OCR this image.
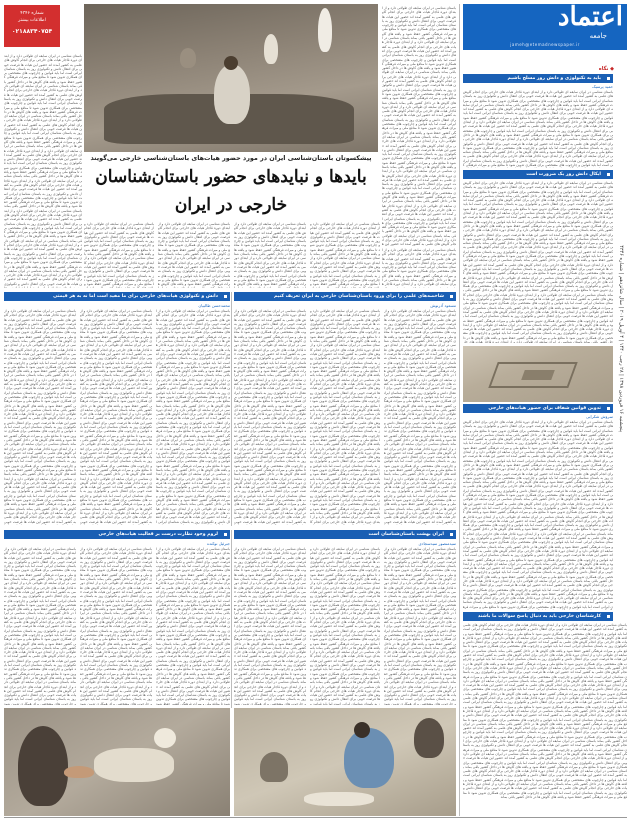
اعتماد
جامعه
jameh@etemadnewspaper.ir
پنجشنبه ۱۶ فروردین ۱۳۹۸ | ۲۸ رجب ۱۴۴۰ | ۴ آوریل ۲۰۱۹ | سال شانزدهم | شماره ۴۳۴۶
◆ نگاه
باید به تکنولوژی و دانش روز مسلح باشیم
حمید پرسیک
باستان شناسی در ایران سابقه ای طولانی دارد و از ابتدای دوره قاجار هیات های خارجی برای انجام کاوش های علمی به کشور آمده اند حضور این هیات ها فرصت خوبی برای انتقال دانش و تکنولوژی روز به باستان شناسان ایرانی است اما باید قوانین و چارچوب های مشخصی برای همکاری تدوین شود تا منافع ملی و میراث فرهنگی کشور حفظ شود و یافته های کاوش ها در داخل کشور باقی بماند باستان شناسی در ایران سابقه ای طولانی دارد و از ابتدای دوره قاجار هیات های خارجی برای انجام کاوش های علمی به کشور آمده اند حضور این هیات ها فرصت خوبی برای انتقال دانش و تکنولوژی روز به باستان شناسان ایرانی است اما باید قوانین و چارچوب های مشخصی برای همکاری تدوین شود تا منافع ملی و میراث فرهنگی کشور حفظ شود و یافته های کاوش ها در داخل کشور باقی بماند باستان شناسی در ایران سابقه ای طولانی دارد و از ابتدای دوره قاجار هیات های خارجی برای انجام کاوش های علمی به کشور آمده اند حضور این هیات ها فرصت خوبی برای انتقال دانش و تکنولوژی روز به باستان شناسان ایرانی است اما باید قوانین و چارچوب های مشخصی برای همکاری تدوین شود تا منافع ملی و میراث فرهنگی کشور حفظ شود و یافته های کاوش ها در داخل کشور باقی بماند باستان شناسی در ایران سابقه ای طولانی دارد و از ابتدای دوره قاجار هیات های خارجی برای انجام کاوش های علمی به کشور آمده اند حضور این هیات ها فرصت خوبی برای انتقال دانش و تکنولوژی روز به باستان شناسان ایرانی است اما باید قوانین و چارچوب های مشخصی برای همکاری تدوین شود تا منافع ملی و میراث فرهنگی کشور حفظ شود و یافته های کاوش ها در داخل کشور باقی بماند باستان شناسی در ایران سابقه ای طولانی دارد و از ابتدای دوره قاجار هیات های خارجی برای انجام کاوش های علمی به کشور آمده اند حضور این هیات ها فرصت خوبی برای انتقال دانش و تکنولوژی روز به باستان شناسان ایرانی است اما باید قوانین و چارچوب های مشخصی برای همکاری تدوین شود تا منافع ملی و میراث فرهنگی ک
ایکال دانش روز یک ضرورت است
باستان شناسی در ایران سابقه ای طولانی دارد و از ابتدای دوره قاجار هیات های خارجی برای انجام کاوش های علمی به کشور آمده اند حضور این هیات ها فرصت خوبی برای انتقال دانش و تکنولوژی روز به باستان شناسان ایرانی است اما باید قوانین و چارچوب های مشخصی برای همکاری تدوین شود تا منافع ملی و میراث فرهنگی کشور حفظ شود و یافته های کاوش ها در داخل کشور باقی بماند باستان شناسی در ایران سابقه ای طولانی دارد و از ابتدای دوره قاجار هیات های خارجی برای انجام کاوش های علمی به کشور آمده اند حضور این هیات ها فرصت خوبی برای انتقال دانش و تکنولوژی روز به باستان شناسان ایرانی است اما باید قوانین و چارچوب های مشخصی برای همکاری تدوین شود تا منافع ملی و میراث فرهنگی کشور حفظ شود و یافته های کاوش ها در داخل کشور باقی بماند باستان شناسی در ایران سابقه ای طولانی دارد و از ابتدای دوره قاجار هیات های خارجی برای انجام کاوش های علمی به کشور آمده اند حضور این هیات ها فرصت خوبی برای انتقال دانش و تکنولوژی روز به باستان شناسان ایرانی است اما باید قوانین و چارچوب های مشخصی برای همکاری تدوین شود تا منافع ملی و میراث فرهنگی کشور حفظ شود و یافته های کاوش ها در داخل کشور باقی بماند باستان شناسی در ایران سابقه ای طولانی دارد و از ابتدای دوره قاجار هیات های خارجی برای انجام کاوش های علمی به کشور آمده اند حضور این هیات ها فرصت خوبی برای انتقال دانش و تکنولوژی روز به باستان شناسان ایرانی است اما باید قوانین و چارچوب های مشخصی برای همکاری تدوین شود تا منافع ملی و میراث فرهنگی کشور حفظ شود و یافته های کاوش ها در داخل کشور باقی بماند باستان شناسی در ایران سابقه ای طولانی دارد و از ابتدای دوره قاجار هیات های خارجی برای انجام کاوش های علمی به کشور آمده اند حضور این هیات ها فرصت خوبی برای انتقال دانش و تکنولوژی روز به باستان شناسان ایرانی است اما باید قوانین و چارچوب های مشخصی برای همکاری تدوین شود تا منافع ملی و میراث فرهنگی کشور حفظ شود و یافته های کاوش ها در داخل کشور باقی بماند باستان شناسی در ایران سابقه ای طولانی دارد و از ابتدای دوره قاجار هیات های خارجی برای انجام کاوش های علمی به کشور آمده اند حضور این هیات ها فرصت خوبی برای انتقال دانش و تکنولوژی روز به باستان شناسان ایرانی است اما باید قوانین و چارچوب های مشخصی برای همکاری تدوین شود تا منافع ملی و میراث فرهنگی کشور حفظ شود و یافته های کاوش ها در داخل کشور باقی بماند باستان شناسی در ایران سابقه ای طولانی دارد و از ابتدای دوره قاجار هیات های خارجی برای انجام کاوش های علمی به کشور آمده اند حضور این هیات ها فرصت خوبی برای انتقال دانش و تکنولوژی روز به باستان شناسان ایرانی است اما باید قوانین و چارچوب های مشخصی برای همکاری تدوین شود تا منافع ملی و میراث فرهنگی کشور حفظ شود و یافته های کاوش ها در داخل کشور باقی بماند باستان شناسی در ایران سابقه ای طولانی دارد و از ابتدای دوره قاجار هیات های خارجی برای انجام کاوش های علمی به کشور آمده اند حضور این هیات ها فرصت خوبی برای انتقال دانش و تکنولوژی روز به باستان شناسان ایرانی است اما باید قوانین و چارچوب های مشخصی برای همکاری تدوین شود تا منافع ملی و میراث فرهنگی کشور حفظ شود و یافته های کاوش ها در داخل کشور باقی بماند باستان شناسی در ایران سابقه ای طولانی دارد و از ابتدای دوره قاجار هیات های خارجی برای انجام کاوش های علمی به کشور آمده اند حضور این هیات ها فرصت خوبی برای انتقال دانش و تکنولوژی روز به باستان شناسان ایرانی است اما باید قوانین و چارچوب های مشخصی برای همکاری تدوین شود تا منافع ملی و میراث فرهنگی کشور حفظ شود و یافته های کاوش ها در داخل کشور باقی بماند باستان شناسی در ایران سابقه ای طولانی دارد و از ابتدای دوره قاجار هیات های خارجی برای انجام کاوش های علمی به کشور آمده اند حضور این هیات ها فرصت خوبی برای انتقال دانش و تکنولوژی روز به باستان شناسان ایرانی است اما باید قوانین و چارچوب های مشخصی برای همکاری تدوین شود تا منافع ملی و میراث فرهنگی کشور حفظ شود و یافته های کاوش ها در داخل کشور باقی بماند باستان شناسی در ایران سابقه ای طولانی دارد و از ابتدای دوره قاجار هیات های خار
تدوین قوانین شفاف برای حضور هیات‌های خارجی
سروش شکرایی
باستان شناسی در ایران سابقه ای طولانی دارد و از ابتدای دوره قاجار هیات های خارجی برای انجام کاوش های علمی به کشور آمده اند حضور این هیات ها فرصت خوبی برای انتقال دانش و تکنولوژی روز به باستان شناسان ایرانی است اما باید قوانین و چارچوب های مشخصی برای همکاری تدوین شود تا منافع ملی و میراث فرهنگی کشور حفظ شود و یافته های کاوش ها در داخل کشور باقی بماند باستان شناسی در ایران سابقه ای طولانی دارد و از ابتدای دوره قاجار هیات های خارجی برای انجام کاوش های علمی به کشور آمده اند حضور این هیات ها فرصت خوبی برای انتقال دانش و تکنولوژی روز به باستان شناسان ایرانی است اما باید قوانین و چارچوب های مشخصی برای همکاری تدوین شود تا منافع ملی و میراث فرهنگی کشور حفظ شود و یافته های کاوش ها در داخل کشور باقی بماند باستان شناسی در ایران سابقه ای طولانی دارد و از ابتدای دوره قاجار هیات های خارجی برای انجام کاوش های علمی به کشور آمده اند حضور این هیات ها فرصت خوبی برای انتقال دانش و تکنولوژی روز به باستان شناسان ایرانی است اما باید قوانین و چارچوب های مشخصی برای همکاری تدوین شود تا منافع ملی و میراث فرهنگی کشور حفظ شود و یافته های کاوش ها در داخل کشور باقی بماند باستان شناسی در ایران سابقه ای طولانی دارد و از ابتدای دوره قاجار هیات های خارجی برای انجام کاوش های علمی به کشور آمده اند حضور این هیات ها فرصت خوبی برای انتقال دانش و تکنولوژی روز به باستان شناسان ایرانی است اما باید قوانین و چارچوب های مشخصی برای همکاری تدوین شود تا منافع ملی و میراث فرهنگی کشور حفظ شود و یافته های کاوش ها در داخل کشور باقی بماند باستان شناسی در ایران سابقه ای طولانی دارد و از ابتدای دوره قاجار هیات های خارجی برای انجام کاوش های علمی به کشور آمده اند حضور این هیات ها فرصت خوبی برای انتقال دانش و تکنولوژی روز به باستان شناسان ایرانی است اما باید قوانین و چارچوب های مشخصی برای همکاری تدوین شود تا منافع ملی و میراث فرهنگی کشور حفظ شود و یافته های کاوش ها در داخل کشور باقی بماند باستان شناسی در ایران سابقه ای طولانی دارد و از ابتدای دوره قاجار هیات های خارجی برای انجام کاوش های علمی به کشور آمده اند حضور این هیات ها فرصت خوبی برای انتقال دانش و تکنولوژی روز به باستان شناسان ایرانی است اما باید قوانین و چارچوب های مشخصی برای همکاری تدوین شود تا منافع ملی و میراث فرهنگی کشور حفظ شود و یافته های کاوش ها در داخل کشور باقی بماند باستان شناسی در ایران سابقه ای طولانی دارد و از ابتدای دوره قاجار هیات های خارجی برای انجام کاوش های علمی به کشور آمده اند حضور این هیات ها فرصت خوبی برای انتقال دانش و تکنولوژی روز به باستان شناسان ایرانی است اما باید قوانین و چارچوب های مشخصی برای همکاری تدوین شود تا منافع ملی و میراث فرهنگی کشور حفظ شود و یافته های کاوش ها در داخل کشور باقی بماند باستان شناسی در ایران سابقه ای طولانی دارد و از ابتدای دوره قاجار هیات های خارجی برای انجام کاوش های علمی به کشور آمده اند حضور این هیات ها فرصت خوبی برای انتقال دانش و تکنولوژی روز به باستان شناسان ایرانی است اما باید قوانین و چارچوب های مشخصی برای همکاری تدوین شود تا منافع ملی و میراث فرهنگی کشور حفظ شود و یافته های کاوش ها در داخل کشور باقی بماند باستان شناسی در ایران سابقه ای طولانی دارد و از ابتدای دوره قاجار هیات های خارجی برای انجام کاوش های علمی به کشور آمده اند حضور این هیات ها فرصت خوبی برای انتقال دانش و تکنولوژی روز به باستان شناسان ایرانی است اما باید قوانین و چارچوب های مشخصی برای همکاری تدوین شود تا منافع ملی و میراث فرهنگی کشور حفظ شود و یافته های کاوش ها در داخل کشور باقی بماند باستان شناسی در ایران سابقه ای طولانی دارد و از ابتدای دوره قاجار هیات های خارجی برای انجام کاوش های علمی به کشور آمده اند حضور این هیات ها فرصت خوبی برای انتقال دانش و تکنولوژی روز به باستان شناسان ایرانی است اما باید قوانین و چارچوب های مشخصی برای همکاری تدوین شود تا منافع ملی و میراث فرهنگی کشور حفظ شود و یافته های کاوش ها در داخل کشور باقی بماند باستان شناسی در ایران سابقه ای طولانی دارد و از ابتدای دوره قاجار هیات های خارجی برای انجام کاوش های علمی به کشور آمده اند حضور این هیات ها فرصت خوبی برای انتقال دانش و تکنولوژی روز به باستان شناسان ایرانی است اما باید قوانین و چارچوب های مشخصی برای همکاری تدوین شود تا منافع ملی و میراث فرهنگی کشور حفظ شود و یافته های کاوش ها در داخل کشور باقی بماند باستان شناسی در ایران سابقه ای طولانی دارد و از ابتدای دوره قاجار هیات های خارجی برای انجام کاوش های علمی به کشور آمده اند حضور این هیات ها فرصت خوبی برای انتقال دانش و تکنولوژی روز به باستان شناسان ایرانی است اما باید قوانین و چارچوب های مشخصی برای همکاری تدوین شود تا منافع ملی و میراث فره
کارشناسان خارجی باید به دنبال پاسخ سوالات ما باشند
باستان شناسی در ایران سابقه ای طولانی دارد و از ابتدای دوره قاجار هیات های خارجی برای انجام کاوش های علمی به کشور آمده اند حضور این هیات ها فرصت خوبی برای انتقال دانش و تکنولوژی روز به باستان شناسان ایرانی است اما باید قوانین و چارچوب های مشخصی برای همکاری تدوین شود تا منافع ملی و میراث فرهنگی کشور حفظ شود و یافته های کاوش ها در داخل کشور باقی بماند باستان شناسی در ایران سابقه ای طولانی دارد و از ابتدای دوره قاجار هیات های خارجی برای انجام کاوش های علمی به کشور آمده اند حضور این هیات ها فرصت خوبی برای انتقال دانش و تکنولوژی روز به باستان شناسان ایرانی است اما باید قوانین و چارچوب های مشخصی برای همکاری تدوین شود تا منافع ملی و میراث فرهنگی کشور حفظ شود و یافته های کاوش ها در داخل کشور باقی بماند باستان شناسی در ایران سابقه ای طولانی دارد و از ابتدای دوره قاجار هیات های خارجی برای انجام کاوش های علمی به کشور آمده اند حضور این هیات ها فرصت خوبی برای انتقال دانش و تکنولوژی روز به باستان شناسان ایرانی است اما باید قوانین و چارچوب های مشخصی برای همکاری تدوین شود تا منافع ملی و میراث فرهنگی کشور حفظ شود و یافته های کاوش ها در داخل کشور باقی بماند باستان شناسی در ایران سابقه ای طولانی دارد و از ابتدای دوره قاجار هیات های خارجی برای انجام کاوش های علمی به کشور آمده اند حضور این هیات ها فرصت خوبی برای انتقال دانش و تکنولوژی روز به باستان شناسان ایرانی است اما باید قوانین و چارچوب های مشخصی برای همکاری تدوین شود تا منافع ملی و میراث فرهنگی کشور حفظ شود و یافته های کاوش ها در داخل کشور باقی بماند باستان شناسی در ایران سابقه ای طولانی دارد و از ابتدای دوره قاجار هیات های خارجی برای انجام کاوش های علمی به کشور آمده اند حضور این هیات ها فرصت خوبی برای انتقال دانش و تکنولوژی روز به باستان شناسان ایرانی است اما باید قوانین و چارچوب های مشخصی برای همکاری تدوین شود تا منافع ملی و میراث فرهنگی کشور حفظ شود و یافته های کاوش ها در داخل کشور باقی بماند باستان شناسی در ایران سابقه ای طولانی دارد و از ابتدای دوره قاجار هیات های خارجی برای انجام کاوش های علمی به کشور آمده اند حضور این هیات ها فرصت خوبی برای انتقال دانش و تکنولوژی روز به باستان شناسان ایرانی است اما باید قوانین و چارچوب های مشخصی برای همکاری تدوین شود تا منافع ملی و میراث فرهنگی کشور حفظ شود و یافته های کاوش ها در داخل کشور باقی بماند باستان شناسی در ایران سابقه ای طولانی دارد و از ابتدای دوره قاجار هیات های خارجی برای انجام کاوش های علمی به کشور آمده اند حضور این هیات ها فرصت خوبی برای انتقال دانش و تکنولوژی روز به باستان شناسان ایرانی است اما باید قوانین و چارچوب های مشخصی برای همکاری تدوین شود تا منافع ملی و میراث فرهنگی کشور حفظ شود و یافته های کاوش ها در داخل کشور باقی بماند باستان شناسی در ایران سابقه ای طولانی دارد و از ابتدای دوره قاجار هیات های خارجی برای انجام کاوش های علمی به کشور آمده اند حضور این هیات ها فرصت خوبی برای انتقال دانش و تکنولوژی روز به باستان شناسان ایرانی است اما باید قوانین و چارچوب های مشخصی برای همکاری تدوین شود تا منافع ملی و میراث فرهنگی کشور حفظ شود و یافته های کاوش ها در داخل کشور باقی بماند باستان شناسی در ایران سابقه ای طولانی دارد و از ابتدای دوره قاجار هیات های خارجی برای انجام کاوش های علمی به کشور آمده اند حضور این هیات ها فرصت خوبی برای انتقال دانش و تکنولوژی روز به باستان شناسان ایرانی است اما باید قوانین و چارچوب های مشخصی برای همکاری تدوین شود تا منافع ملی و میراث فرهنگی کشور حفظ شود و یافته های کاوش ها در داخل کشور باقی بماند باستان شناسی در ایران سابقه ای طولانی دارد و از ابتدای دوره قاجار هیات های خارجی برای انجام کاوش های علمی به کشور آمده اند حضور این هیات ها فرصت خوبی برای انتقال دانش و تکنولوژی روز به باستان شناسان ایرانی است اما باید قوانین و چارچوب های مشخصی برای همکاری تدوین شود تا منافع ملی و میراث فرهنگی کشور حفظ شود و یافته های کاوش ها در داخل کشور باقی بماند باستان شناسی در ایران سابقه ای طولانی دارد و از ابتدای دوره قاجار هیات های خارجی برای انجام کاوش های علمی به کشور آمده اند حضور این هیات ها فرصت خوبی برای انتقال دانش و تکنولوژی روز به باستان شناسان ایرانی است اما باید قوانین و چارچوب های مشخصی برای همکاری تدوین شود تا منافع ملی و میراث فرهنگی کشور حفظ شود و یافته های کاوش ها در داخل کشور باقی بماند باستان شناسی در ایران سابقه ای طولانی دارد و از ابتدای دوره قاجار هیات های خارجی برای انجام کاوش های علمی به کشور آمده اند حضور این هیات ها فرصت خوبی برای انتقال دانش و تکنولوژی روز به باستان شناسان ایرانی است اما باید قوانین و چارچوب های مشخصی برای همکاری تدوین شود تا منافع ملی و میراث فرهنگی کشور حفظ شود و یافته های کاوش ها در داخل کشور باقی بماند
شماره ۴۳۴۶
اطلاعات بیشتر
۰۲۱۸۸۳۴۰۷۵۴
باستان شناسی در ایران سابقه ای طولانی دارد و از ابتدای دوره قاجار هیات های خارجی برای انجام کاوش های علمی به کشور آمده اند حضور این هیات ها فرصت خوبی برای انتقال دانش و تکنولوژی روز به باستان شناسان ایرانی است اما باید قوانین و چارچوب های مشخصی برای همکاری تدوین شود تا منافع ملی و میراث فرهنگی کشور حفظ شود و یافته های کاوش ها در داخل کشور باقی بماند باستان شناسی در ایران سابقه ای طولانی دارد و از ابتدای دوره قاجار هیات های خارجی برای انجام کاوش های علمی به کشور آمده اند حضور این هیات ها فرصت خوبی برای انتقال دانش و تکنولوژی روز به باستان شناسان ایرانی است اما باید قوانین و چارچوب های مشخصی برای همکاری تدوین شود تا منافع ملی و میراث فرهنگی کشور حفظ شود و یافته های کاوش ها در داخل کشور باقی بماند باستان شناسی در ایران سابقه ای طولانی دارد و از ابتدای دوره قاجار هیات های خارجی برای انجام کاوش های علمی به کشور آمده اند حضور این هیات ها فرصت خوبی برای انتقال دانش و تکنولوژی روز به باستان شناسان ایرانی است اما باید قوانین و چارچوب های مشخصی برای همکاری تدوین شود تا منافع ملی و میراث فرهنگی کشور حفظ شود و یافته های کاوش ها در داخل کشور باقی بماند باستان شناسی در ایران سابقه ای طولانی دارد و از ابتدای دوره قاجار هیات های خارجی برای انجام کاوش های علمی به کشور آمده اند حضور این هیات ها فرصت خوبی برای انتقال دانش و تکنولوژی روز به باستان شناسان ایرانی است اما باید قوانین و چارچوب های مشخصی برای همکاری تدوین شود تا منافع ملی و میراث فرهنگی کشور حفظ شود و یافته های کاوش ها در داخل کشور باقی بماند باستان شناسی در ایران سابقه ای طولانی دارد و از ابتدای دوره قاجار هیات های خارجی برای انجام کاوش های علمی به کشور آمده اند حضور این هیات ها فرصت خوبی برای انتقال دانش و تکنولوژی روز به باستان شناسان ایرانی است اما باید قوانین و چارچوب های مشخصی برای همکاری تدوین شود تا منافع ملی و میراث فرهنگی کشور حفظ شود و یافته های کاوش ها در داخل کشور باقی بماند باستان شناسی در ایران سابقه ای طولانی دارد و از ابتدای دوره قاجار هیات های خارجی برای انجام کاوش های علمی به کشور آمده اند حضور این هیات ها فرصت خوبی برای انتقال دانش و تکنولوژی روز به باستان شناسان ایرانی است اما باید قوانین و چارچوب های مشخصی برای همکاری تدوین شود تا منافع ملی و میراث فرهنگی کشور حفظ شود و یافته های کاوش ها در داخل کشور باقی بماند باستان شناسی در ایران سابقه ای طولانی دارد و از ابتدای دوره قاجار هیات های خارجی برای انجام کاوش های علمی به کشور آمده اند حضور این هیات ها فرصت خوبی برای انتقال دانش و تکنولوژی روز به باستان شناسان ایرانی است اما باید قوانین و چارچوب های مشخصی برای همکاری تدوین شود تا منافع ملی و میراث فرهنگی کشور حفظ شود و یافته های کاوش ها در داخل کشور باقی بماند باستان شناسی در ایران سابقه ای طولانی دارد و از ابتدای دوره قاجار هیات های خارجی برای انجام کاوش های علمی به کشور آمده اند حضور این ه
باستان شناسی در ایران سابقه ای طولانی دارد و از ابتدای دوره قاجار هیات های خارجی برای انجام کاوش های علمی به کشور آمده اند حضور این هیات ها فرصت خوبی برای انتقال دانش و تکنولوژی روز به باستان شناسان ایرانی است اما باید قوانین و چارچوب های مشخصی برای همکاری تدوین شود تا منافع ملی و میراث فرهنگی کشور حفظ شود و یافته های کاوش ها در داخل کشور باقی بماند باستان شناسی در ایران سابقه ای طولانی دارد و از ابتدای دوره قاجار هیات های خارجی برای انجام کاوش های علمی به کشور آمده اند حضور این هیات ها فرصت خوبی برای انتقال دانش و تکنولوژی روز به باستان شناسان ایرانی است اما باید قوانین و چارچوب های مشخصی برای همکاری تدوین شود تا منافع ملی و میراث فرهنگی کشور حفظ شود و یافته های کاوش ها در داخل کشور باقی بماند باستان شناسی در ایران سابقه ای طولانی دارد و از ابتدای دوره قاجار هیات های خارجی برای انجام کاوش های علمی به کشور آمده اند حضور این هیات ها فرصت خوبی برای انتقال دانش و تکنولوژی روز به باستان شناسان ایرانی است اما باید قوانین و چارچوب های مشخصی برای همکاری تدوین شود تا منافع ملی و میراث فرهنگی کشور حفظ شود و یافته های کاوش ها در داخل کشور باقی بماند باستان شناسی در ایران سابقه ای طولانی دارد و از ابتدای دوره قاجار هیات های خارجی برای انجام کاوش های علمی به کشور آمده اند حضور این هیات ها فرصت خوبی برای انتقال دانش و تکنولوژی روز به باستان شناسان ایرانی است اما باید قوانین و چارچوب های مشخصی برای همکاری تدوین شود تا منافع ملی و میراث فرهنگی کشور حفظ شود و یافته های کاوش ها در داخل کشور باقی بماند باستان شناسی در ایران سابقه ای طولانی دارد و از ابتدای دوره قاجار هیات های خارجی برای انجام کاوش های علمی به کشور آمده اند حضور این هیات ها فرصت خوبی برای انتقال دانش و تکنولوژی روز به باستان شناسان ایرانی است اما باید قوانین و چارچوب های مشخصی برای همکاری تدوین شود تا منافع ملی و میراث فرهنگی کشور حفظ شود و یافته های کاوش ها در داخل کشور باقی بماند باستان شناسی در ایران سابقه ای طولانی دارد و از ابتدای دوره قاجار هیات های خارجی برای انجام کاوش های علمی به کشور آمده اند حضور این هیات ها فرصت خوبی برای انتقال دانش و تکنولوژی روز به باستان شناسان ایرانی است اما باید قوانین و چارچوب های مشخصی برای همکاری تدوین شود تا منافع ملی و میراث فرهنگی کشور حفظ شود و یافته های کاوش ها در داخل کشور باقی بماند باستان شناسی در ایران سابقه ای طولانی دارد و از ابتدای دوره قاجار هیات های خارجی برای انجام کاوش های علمی به کشور آمده اند حضور این هیات ها فرصت خوبی برای انتقال دانش و تکنولوژی روز به باستان شناسان ایرانی است اما باید قوانین و چارچوب های مشخصی برای همکاری تدوین شود تا منافع ملی و میراث فرهنگی کشور حفظ شود و یافته های کاوش ها در داخل کشور باقی بماند باستان شناسی در ایران سابقه ای طولانی دارد و از ابتدای دوره قاجار هیات های خارجی برای انجام کاوش های علمی به کشور آمده اند حضور این هیات ها فرصت خوبی برای انتقال دانش و تکنولوژی
پیشکسوتان باستان‌شناسی ایران در مورد حضور هیات‌های باستان‌شناسی خارجی می‌گویند
بایدها و نبایدهای حضور باستان‌شناسان
خارجی در ایران
باستان شناسی در ایران سابقه ای طولانی دارد و از ابتدای دوره قاجار هیات های خارجی برای انجام کاوش های علمی به کشور آمده اند حضور این هیات ها فرصت خوبی برای انتقال دانش و تکنولوژی روز به باستان شناسان ایرانی است اما باید قوانین و چارچوب های مشخصی برای همکاری تدوین شود تا منافع ملی و میراث فرهنگی کشور حفظ شود و یافته های کاوش ها در داخل کشور باقی بماند باستان شناسی در ایران سابقه ای طولانی دارد و از ابتدای دوره قاجار هیات های خارجی برای انجام کاوش های علمی به کشور آمده اند حضور این هیات ها فرصت خوبی برای انتقال دانش و تکنولوژی روز به باستان شناسان ایرانی است اما باید قوانین و چارچوب های مشخصی برای همکاری تدوین شود تا منافع ملی و میراث فرهنگی کشور حفظ شود و
باستان شناسی در ایران سابقه ای طولانی دارد و از ابتدای دوره قاجار هیات های خارجی برای انجام کاوش های علمی به کشور آمده اند حضور این هیات ها فرصت خوبی برای انتقال دانش و تکنولوژی روز به باستان شناسان ایرانی است اما باید قوانین و چارچوب های مشخصی برای همکاری تدوین شود تا منافع ملی و میراث فرهنگی کشور حفظ شود و یافته های کاوش ها در داخل کشور باقی بماند باستان شناسی در ایران سابقه ای طولانی دارد و از ابتدای دوره قاجار هیات های خارجی برای انجام کاوش های علمی به کشور آمده اند حضور این هیات ها فرصت خوبی برای انتقال دانش و تکنولوژی روز به باستان شناسان ایرانی است اما باید قوانین و چارچوب های مشخصی برای همکاری تدوین شود تا منافع ملی و میراث فرهنگی کشور حفظ شود و یافته های کاوش ه
باستان شناسی در ایران سابقه ای طولانی دارد و از ابتدای دوره قاجار هیات های خارجی برای انجام کاوش های علمی به کشور آمده اند حضور این هیات ها فرصت خوبی برای انتقال دانش و تکنولوژی روز به باستان شناسان ایرانی است اما باید قوانین و چارچوب های مشخصی برای همکاری تدوین شود تا منافع ملی و میراث فرهنگی کشور حفظ شود و یافته های کاوش ها در داخل کشور باقی بماند باستان شناسی در ایران سابقه ای طولانی دارد و از ابتدای دوره قاجار هیات های خارجی برای انجام کاوش های علمی به کشور آمده اند حضور این هیات ها فرصت خوبی برای انتقال دانش و تکنولوژی روز به باستان شناسان ایرانی است اما باید قوانین و چارچوب های مشخصی برای همکاری تدوین شود تا منافع ملی و میراث فرهنگی کشور حفظ شود و یافته های کاوش ه
باستان شناسی در ایران سابقه ای طولانی دارد و از ابتدای دوره قاجار هیات های خارجی برای انجام کاوش های علمی به کشور آمده اند حضور این هیات ها فرصت خوبی برای انتقال دانش و تکنولوژی روز به باستان شناسان ایرانی است اما باید قوانین و چارچوب های مشخصی برای همکاری تدوین شود تا منافع ملی و میراث فرهنگی کشور حفظ شود و یافته های کاوش ها در داخل کشور باقی بماند باستان شناسی در ایران سابقه ای طولانی دارد و از ابتدای دوره قاجار هیات های خارجی برای انجام کاوش های علمی به کشور آمده اند حضور این هیات ها فرصت خوبی برای انتقال دانش و تکنولوژی روز به باستان شناسان ایرانی است اما باید قوانین و چارچوب های مشخصی برای همکاری تدوین شود تا منافع ملی و میراث فرهنگی کشور حفظ شود و
باستان شناسی در ایران سابقه ای طولانی دارد و از ابتدای دوره قاجار هیات های خارجی برای انجام کاوش های علمی به کشور آمده اند حضور این هیات ها فرصت خوبی برای انتقال دانش و تکنولوژی روز به باستان شناسان ایرانی است اما باید قوانین و چارچوب های مشخصی برای همکاری تدوین شود تا منافع ملی و میراث فرهنگی کشور حفظ شود و یافته های کاوش ها در داخل کشور باقی بماند باستان شناسی در ایران سابقه ای طولانی دارد و از ابتدای دوره قاجار ه
شاخصه‌های علمی را برای ورود باستان‌شناسان خارجی به ایران تعریف کنیم
دانش و تکنولوژی هیات‌های خارجی برای ما مفید است اما نه به هر قیمتی
مسعود آذرنوش
محمدحسن طالبیان
باستان شناسی در ایران سابقه ای طولانی دارد و از ابتدای دوره قاجار هیات های خارجی برای انجام کاوش های علمی به کشور آمده اند حضور این هیات ها فرصت خوبی برای انتقال دانش و تکنولوژی روز به باستان شناسان ایرانی است اما باید قوانین و چارچوب های مشخصی برای همکاری تدوین شود تا منافع ملی و میراث فرهنگی کشور حفظ شود و یافته های کاوش ها در داخل کشور باقی بماند باستان شناسی در ایران سابقه ای طولانی دارد و از ابتدای دوره قاجار هیات های خارجی برای انجام کاوش های علمی به کشور آمده اند حضور این هیات ها فرصت خوبی برای انتقال دانش و تکنولوژی روز به باستان شناسان ایرانی است اما باید قوانین و چارچوب های مشخصی برای همکاری تدوین شود تا منافع ملی و میراث فرهنگی کشور حفظ شود و یافته های کاوش ها در داخل کشور باقی بماند باستان شناسی در ایران سابقه ای طولانی دارد و از ابتدای دوره قاجار هیات های خارجی برای انجام کاوش های علمی به کشور آمده اند حضور این هیات ها فرصت خوبی برای انتقال دانش و تکنولوژی روز به باستان شناسان ایرانی است اما باید قوانین و چارچوب های مشخصی برای همکاری تدوین شود تا منافع ملی و میراث فرهنگی کشور حفظ شود و یافته های کاوش ها در داخل کشور باقی بماند باستان شناسی در ایران سابقه ای طولانی دارد و از ابتدای دوره قاجار هیات های خارجی برای انجام کاوش های علمی به کشور آمده اند حضور این هیات ها فرصت خوبی برای انتقال دانش و تکنولوژی روز به باستان شناسان ایرانی است اما باید قوانین و چارچوب های مشخصی برای همکاری تدوین شود تا منافع ملی و میراث فرهنگی کشور حفظ شود و یافته های کاوش ها در داخل کشور باقی بماند باستان شناسی در ایران سابقه ای طولانی دارد و از ابتدای دوره قاجار هیات های خارجی برای انجام کاوش های علمی به کشور آمده اند حضور این هیات ها فرصت خوبی برای انتقال دانش و تکنولوژی روز به باستان شناسان ایرانی است اما باید قوانین و چارچوب های مشخصی برای همکاری تدوین شود تا منافع ملی و میراث فرهنگی کشور حفظ شود و یافته های کاوش ها در داخل کشور باقی بماند باستان شناسی در ایران سابقه ای طولانی دارد و از ابتدای دوره قاجار هیات های خارجی برای انجام کاوش های علمی به کشور آمده اند حضور این هیات ها فرصت خوبی برای انتقال دانش و تکنولوژی روز به باستان شناسان ایرانی است اما باید قوانین و چارچوب های مشخصی برای همکاری تدوین شود تا منافع ملی و میراث فرهنگی کشور حفظ شود و یافته های کاوش ها در داخل کشور باقی بماند باستان شناسی در ایران سابقه ای طولانی دارد و از ابتدای دوره قاجار هیات های خارجی برای انجام کاوش های علمی به کشور آمده اند حضور این هیات ها فرصت خوبی
باستان شناسی در ایران سابقه ای طولانی دارد و از ابتدای دوره قاجار هیات های خارجی برای انجام کاوش های علمی به کشور آمده اند حضور این هیات ها فرصت خوبی برای انتقال دانش و تکنولوژی روز به باستان شناسان ایرانی است اما باید قوانین و چارچوب های مشخصی برای همکاری تدوین شود تا منافع ملی و میراث فرهنگی کشور حفظ شود و یافته های کاوش ها در داخل کشور باقی بماند باستان شناسی در ایران سابقه ای طولانی دارد و از ابتدای دوره قاجار هیات های خارجی برای انجام کاوش های علمی به کشور آمده اند حضور این هیات ها فرصت خوبی برای انتقال دانش و تکنولوژی روز به باستان شناسان ایرانی است اما باید قوانین و چارچوب های مشخصی برای همکاری تدوین شود تا منافع ملی و میراث فرهنگی کشور حفظ شود و یافته های کاوش ها در داخل کشور باقی بماند باستان شناسی در ایران سابقه ای طولانی دارد و از ابتدای دوره قاجار هیات های خارجی برای انجام کاوش های علمی به کشور آمده اند حضور این هیات ها فرصت خوبی برای انتقال دانش و تکنولوژی روز به باستان شناسان ایرانی است اما باید قوانین و چارچوب های مشخصی برای همکاری تدوین شود تا منافع ملی و میراث فرهنگی کشور حفظ شود و یافته های کاوش ها در داخل کشور باقی بماند باستان شناسی در ایران سابقه ای طولانی دارد و از ابتدای دوره قاجار هیات های خارجی برای انجام کاوش های علمی به کشور آمده اند حضور این هیات ها فرصت خوبی برای انتقال دانش و تکنولوژی روز به باستان شناسان ایرانی است اما باید قوانین و چارچوب های مشخصی برای همکاری تدوین شود تا منافع ملی و میراث فرهنگی کشور حفظ شود و یافته های کاوش ها در داخل کشور باقی بماند باستان شناسی در ایران سابقه ای طولانی دارد و از ابتدای دوره قاجار هیات های خارجی برای انجام کاوش های علمی به کشور آمده اند حضور این هیات ها فرصت خوبی برای انتقال دانش و تکنولوژی روز به باستان شناسان ایرانی است اما باید قوانین و چارچوب های مشخصی برای همکاری تدوین شود تا منافع ملی و میراث فرهنگی کشور حفظ شود و یافته های کاوش ها در داخل کشور باقی بماند باستان شناسی در ایران سابقه ای طولانی دارد و از ابتدای دوره قاجار هیات های خارجی برای انجام کاوش های علمی به کشور آمده اند حضور این هیات ها فرصت خوبی برای انتقال دانش و تکنولوژی روز به باستان شناسان ایرانی است اما باید قوانین و چارچوب های مشخصی برای همکاری تدوین شود تا منافع ملی و میراث فرهنگی کشور حفظ شود و یافته های کاوش ها در داخل کشور باقی بماند باستان شناسی در ایران سابقه ای طولانی دارد و از ابتدای دوره قاجار هیات های خارجی برای انجام کا
باستان شناسی در ایران سابقه ای طولانی دارد و از ابتدای دوره قاجار هیات های خارجی برای انجام کاوش های علمی به کشور آمده اند حضور این هیات ها فرصت خوبی برای انتقال دانش و تکنولوژی روز به باستان شناسان ایرانی است اما باید قوانین و چارچوب های مشخصی برای همکاری تدوین شود تا منافع ملی و میراث فرهنگی کشور حفظ شود و یافته های کاوش ها در داخل کشور باقی بماند باستان شناسی در ایران سابقه ای طولانی دارد و از ابتدای دوره قاجار هیات های خارجی برای انجام کاوش های علمی به کشور آمده اند حضور این هیات ها فرصت خوبی برای انتقال دانش و تکنولوژی روز به باستان شناسان ایرانی است اما باید قوانین و چارچوب های مشخصی برای همکاری تدوین شود تا منافع ملی و میراث فرهنگی کشور حفظ شود و یافته های کاوش ها در داخل کشور باقی بماند باستان شناسی در ایران سابقه ای طولانی دارد و از ابتدای دوره قاجار هیات های خارجی برای انجام کاوش های علمی به کشور آمده اند حضور این هیات ها فرصت خوبی برای انتقال دانش و تکنولوژی روز به باستان شناسان ایرانی است اما باید قوانین و چارچوب های مشخصی برای همکاری تدوین شود تا منافع ملی و میراث فرهنگی کشور حفظ شود و یافته های کاوش ها در داخل کشور باقی بماند باستان شناسی در ایران سابقه ای طولانی دارد و از ابتدای دوره قاجار هیات های خارجی برای انجام کاوش های علمی به کشور آمده اند حضور این هیات ها فرصت خوبی برای انتقال دانش و تکنولوژی روز به باستان شناسان ایرانی است اما باید قوانین و چارچوب های مشخصی برای همکاری تدوین شود تا منافع ملی و میراث فرهنگی کشور حفظ شود و یافته های کاوش ها در داخل کشور باقی بماند باستان شناسی در ایران سابقه ای طولانی دارد و از ابتدای دوره قاجار هیات های خارجی برای انجام کاوش های علمی به کشور آمده اند حضور این هیات ها فرصت خوبی برای انتقال دانش و تکنولوژی روز به باستان شناسان ایرانی است اما باید قوانین و چارچوب های مشخصی برای همکاری تدوین شود تا منافع ملی و میراث فرهنگی کشور حفظ شود و یافته های کاوش ها در داخل کشور باقی بماند باستان شناسی در ایران سابقه ای طولانی دارد و از ابتدای دوره قاجار هیات های خارجی برای انجام کاوش های علمی به کشور آمده اند حضور این هیات ها فرصت خوبی برای انتقال دانش و تکنولوژی روز به باستان شناسان ایرانی است اما باید قوانین و چارچوب های مشخصی برای همکاری تدوین شود تا منافع ملی و میراث فرهنگی کشور حفظ شود و یافته های کاوش ها در داخل کشور باقی بماند باستان شناسی در ایران سابقه ای طولانی دارد و از ابتدای دوره قاجار هیات های خارجی برای انجام کاوش های علمی به کشور آمده اند حضور این هیات ها فرصت خوبی
باستان شناسی در ایران سابقه ای طولانی دارد و از ابتدای دوره قاجار هیات های خارجی برای انجام کاوش های علمی به کشور آمده اند حضور این هیات ها فرصت خوبی برای انتقال دانش و تکنولوژی روز به باستان شناسان ایرانی است اما باید قوانین و چارچوب های مشخصی برای همکاری تدوین شود تا منافع ملی و میراث فرهنگی کشور حفظ شود و یافته های کاوش ها در داخل کشور باقی بماند باستان شناسی در ایران سابقه ای طولانی دارد و از ابتدای دوره قاجار هیات های خارجی برای انجام کاوش های علمی به کشور آمده اند حضور این هیات ها فرصت خوبی برای انتقال دانش و تکنولوژی روز به باستان شناسان ایرانی است اما باید قوانین و چارچوب های مشخصی برای همکاری تدوین شود تا منافع ملی و میراث فرهنگی کشور حفظ شود و یافته های کاوش ها در داخل کشور باقی بماند باستان شناسی در ایران سابقه ای طولانی دارد و از ابتدای دوره قاجار هیات های خارجی برای انجام کاوش های علمی به کشور آمده اند حضور این هیات ها فرصت خوبی برای انتقال دانش و تکنولوژی روز به باستان شناسان ایرانی است اما باید قوانین و چارچوب های مشخصی برای همکاری تدوین شود تا منافع ملی و میراث فرهنگی کشور حفظ شود و یافته های کاوش ها در داخل کشور باقی بماند باستان شناسی در ایران سابقه ای طولانی دارد و از ابتدای دوره قاجار هیات های خارجی برای انجام کاوش های علمی به کشور آمده اند حضور این هیات ها فرصت خوبی برای انتقال دانش و تکنولوژی روز به باستان شناسان ایرانی است اما باید قوانین و چارچوب های مشخصی برای همکاری تدوین شود تا منافع ملی و میراث فرهنگی کشور حفظ شود و یافته های کاوش ها در داخل کشور باقی بماند باستان شناسی در ایران سابقه ای طولانی دارد و از ابتدای دوره قاجار هیات های خارجی برای انجام کاوش های علمی به کشور آمده اند حضور این هیات ها فرصت خوبی برای انتقال دانش و تکنولوژی روز به باستان شناسان ایرانی است اما باید قوانین و چارچوب های مشخصی برای همکاری تدوین شود تا منافع ملی و میراث فرهنگی کشور حفظ شود و یافته های کاوش ها در داخل کشور باقی بماند باستان شناسی در ایران سابقه ای طولانی دارد و از ابتدای دوره قاجار هیات های خارجی برای انجام کاوش های علمی به کشور آمده اند حضور این هیات ها فرصت خوبی برای انتقال دانش و تکنولوژی روز به باستان شناسان ایرانی است اما باید قوانین و چارچوب های مشخصی برای همکاری تدوین شود تا منافع ملی و میراث فرهنگی کشور حفظ شود و یافته های کاوش ها در داخل کشور باقی بماند باستان شناسی در ایران سابقه ای طولانی دارد و از ابتدای دوره قاجار هیات های خارجی برای انجام کاوش های علمی به کشور آمده اند حضور این هیات ها فرصت خوبی
باستان شناسی در ایران سابقه ای طولانی دارد و از ابتدای دوره قاجار هیات های خارجی برای انجام کاوش های علمی به کشور آمده اند حضور این هیات ها فرصت خوبی برای انتقال دانش و تکنولوژی روز به باستان شناسان ایرانی است اما باید قوانین و چارچوب های مشخصی برای همکاری تدوین شود تا منافع ملی و میراث فرهنگی کشور حفظ شود و یافته های کاوش ها در داخل کشور باقی بماند باستان شناسی در ایران سابقه ای طولانی دارد و از ابتدای دوره قاجار هیات های خارجی برای انجام کاوش های علمی به کشور آمده اند حضور این هیات ها فرصت خوبی برای انتقال دانش و تکنولوژی روز به باستان شناسان ایرانی است اما باید قوانین و چارچوب های مشخصی برای همکاری تدوین شود تا منافع ملی و میراث فرهنگی کشور حفظ شود و یافته های کاوش ها در داخل کشور باقی بماند باستان شناسی در ایران سابقه ای طولانی دارد و از ابتدای دوره قاجار هیات های خارجی برای انجام کاوش های علمی به کشور آمده اند حضور این هیات ها فرصت خوبی برای انتقال دانش و تکنولوژی روز به باستان شناسان ایرانی است اما باید قوانین و چارچوب های مشخصی برای همکاری تدوین شود تا منافع ملی و میراث فرهنگی کشور حفظ شود و یافته های کاوش ها در داخل کشور باقی بماند باستان شناسی در ایران سابقه ای طولانی دارد و از ابتدای دوره قاجار هیات های خارجی برای انجام کاوش های علمی به کشور آمده اند حضور این هیات ها فرصت خوبی برای انتقال دانش و تکنولوژی روز به باستان شناسان ایرانی است اما باید قوانین و چارچوب های مشخصی برای همکاری تدوین شود تا منافع ملی و میراث فرهنگی کشور حفظ شود و یافته های کاوش ها در داخل کشور باقی بماند باستان شناسی در ایران سابقه ای طولانی دارد و از ابتدای دوره قاجار هیات های خارجی برای انجام کاوش های علمی به کشور آمده اند حضور این هیات ها فرصت خوبی برای انتقال دانش و تکنولوژی روز به باستان شناسان ایرانی است اما باید قوانین و چارچوب های مشخصی برای همکاری تدوین شود تا منافع ملی و میراث فرهنگی کشور حفظ شود و یافته های کاوش ها در داخل کشور باقی بماند باستان شناسی در ایران سابقه ای طولانی دارد و از ابتدای دوره قاجار هیات های خارجی برای انجام کاوش های علمی به کشور آمده اند حضور این هیات ها فرصت خوبی برای انتقال دانش و تکنولوژی روز به باستان شناسان ایرانی است اما باید قوانین و چارچوب های مشخصی برای همکاری تدوین شود تا منافع ملی و میراث فرهنگی کشور حفظ شود و یافته های کاوش ها در داخل کشور باقی بماند باستان شناسی در ایران سابقه ای طولانی دارد و از ابتدای دوره قاجار هیات های خارجی برای انجام کاوش های علمی به کشور آمده اند حضور این هیات ها فرصت خوبی
باستان شناسی در ایران سابقه ای طولانی دارد و از ابتدای دوره قاجار هیات های خارجی برای انجام کاوش های علمی به کشور آمده اند حضور این هیات ها فرصت خوبی برای انتقال دانش و تکنولوژی روز به باستان شناسان ایرانی است اما باید قوانین و چارچوب های مشخصی برای همکاری تدوین شود تا منافع ملی و میراث فرهنگی کشور حفظ شود و یافته های کاوش ها در داخل کشور باقی بماند باستان شناسی در ایران سابقه ای طولانی دارد و از ابتدای دوره قاجار هیات های خارجی برای انجام کاوش های علمی به کشور آمده اند حضور این هیات ها فرصت خوبی برای انتقال دانش و تکنولوژی روز به باستان شناسان ایرانی است اما باید قوانین و چارچوب های مشخصی برای همکاری تدوین شود تا منافع ملی و میراث فرهنگی کشور حفظ شود و یافته های کاوش ها در داخل کشور باقی بماند باستان شناسی در ایران سابقه ای طولانی دارد و از ابتدای دوره قاجار هیات های خارجی برای انجام کاوش های علمی به کشور آمده اند حضور این هیات ها فرصت خوبی برای انتقال دانش و تکنولوژی روز به باستان شناسان ایرانی است اما باید قوانین و چارچوب های مشخصی برای همکاری تدوین شود تا منافع ملی و میراث فرهنگی کشور حفظ شود و یافته های کاوش ها در داخل کشور باقی بماند باستان شناسی در ایران سابقه ای طولانی دارد و از ابتدای دوره قاجار هیات های خارجی برای انجام کاوش های علمی به کشور آمده اند حضور این هیات ها فرصت خوبی برای انتقال دانش و تکنولوژی روز به باستان شناسان ایرانی است اما باید قوانین و چارچوب های مشخصی برای همکاری تدوین شود تا منافع ملی و میراث فرهنگی کشور حفظ شود و یافته های کاوش ها در داخل کشور باقی بماند باستان شناسی در ایران سابقه ای طولانی دارد و از ابتدای دوره قاجار هیات های خارجی برای انجام کاوش های علمی به کشور آمده اند حضور این هیات ها فرصت خوبی برای انتقال دانش و تکنولوژی روز به باستان شناسان ایرانی است اما باید قوانین و چارچوب های مشخصی برای همکاری تدوین شود تا منافع ملی و میراث فرهنگی کشور حفظ شود و یافته های کاوش ها در داخل کشور باقی بماند باستان شناسی در ایران سابقه ای طولانی دارد و از ابتدای دوره قاجار هیات های خارجی برای انجام کاوش های علمی به کشور آمده اند حضور این هیات ها فرصت خوبی برای انتقال دانش و تکنولوژی روز به باستان شناسان ایرانی است اما باید قوانین و چارچوب های مشخصی برای همکاری تدوین شود تا منافع ملی و میراث فرهنگی کشور حفظ شود و یافته های کاوش ها در داخل کشور باقی بماند باستان شناسی در ایران سابقه ای طولانی دارد و از ابتدای دوره قاجار هیات های خارجی برای انجام کاوش های علمی به کشور آمده اند حضور این هیات ها فرصت خوبی برای انتقال دانش و تکنولوژی روز به باستان شناسان ایرانی ا
ایران بهشت باستان‌شناسان است
لزوم وجود نظارت درست بر فعالیت هیات‌های خارجی
سیدمنصور سیدسجادی
جبرئیل نوکنده
باستان شناسی در ایران سابقه ای طولانی دارد و از ابتدای دوره قاجار هیات های خارجی برای انجام کاوش های علمی به کشور آمده اند حضور این هیات ها فرصت خوبی برای انتقال دانش و تکنولوژی روز به باستان شناسان ایرانی است اما باید قوانین و چارچوب های مشخصی برای همکاری تدوین شود تا منافع ملی و میراث فرهنگی کشور حفظ شود و یافته های کاوش ها در داخل کشور باقی بماند باستان شناسی در ایران سابقه ای طولانی دارد و از ابتدای دوره قاجار هیات های خارجی برای انجام کاوش های علمی به کشور آمده اند حضور این هیات ها فرصت خوبی برای انتقال دانش و تکنولوژی روز به باستان شناسان ایرانی است اما باید قوانین و چارچوب های مشخصی برای همکاری تدوین شود تا منافع ملی و میراث فرهنگی کشور حفظ شود و یافته های کاوش ها در داخل کشور باقی بماند باستان شناسی در ایران سابقه ای طولانی دارد و از ابتدای دوره قاجار هیات های خارجی برای انجام کاوش های علمی به کشور آمده اند حضور این هیات ها فرصت خوبی برای انتقال دانش و تکنولوژی روز به باستان شناسان ایرانی است اما باید قوانین و چارچوب های مشخصی برای همکاری تدوین شود تا منافع ملی و میراث فرهنگی کشور حفظ شود و یافته های کاوش ها در داخل کشور باقی بماند باستان شناسی در ایران سابقه ای طولانی دارد و از ابتدای دوره قاجار هیات های خارجی برای انجام کاوش های علمی به کشور آمده اند حضور این هیات ها فرصت خوبی برای انتقال دانش و تکنولوژی روز به باستان شناسان ایرانی است اما باید قوانین و چارچوب های مشخصی برای همکاری تدوین شود تا منافع ملی و میراث فرهنگی کشور حفظ شود و یافته های کاوش ها در داخل کشور باقی بماند باستان شناسی در ایران سابقه ای طولانی دارد و از ابتدای دوره قاجار هیات های خارجی برای انجام کاوش های علمی به کشور آمده اند حضور این هیات ها فرصت خوبی برای انتقال دانش و تکنولوژی روز به باستان شناسان ایرانی است اما باید قوانین و چارچوب های مشخصی برای همکاری تدوین شود
باستان شناسی در ایران سابقه ای طولانی دارد و از ابتدای دوره قاجار هیات های خارجی برای انجام کاوش های علمی به کشور آمده اند حضور این هیات ها فرصت خوبی برای انتقال دانش و تکنولوژی روز به باستان شناسان ایرانی است اما باید قوانین و چارچوب های مشخصی برای همکاری تدوین شود تا منافع ملی و میراث فرهنگی کشور حفظ شود و یافته های کاوش ها در داخل کشور باقی بماند باستان شناسی در ایران سابقه ای طولانی دارد و از ابتدای دوره قاجار هیات های خارجی برای انجام کاوش های علمی به کشور آمده اند حضور این هیات ها فرصت خوبی برای انتقال دانش و تکنولوژی روز به باستان شناسان ایرانی است اما باید قوانین و چارچوب های مشخصی برای همکاری تدوین شود تا منافع ملی و میراث فرهنگی کشور حفظ شود و یافته های کاوش ها در داخل کشور باقی بماند باستان شناسی در ایران سابقه ای طولانی دارد و از ابتدای دوره قاجار هیات های خارجی برای انجام کاوش های علمی به کشور آمده اند حضور این هیات ها فرصت خوبی برای انتقال دانش و تکنولوژی روز به باستان شناسان ایرانی است اما باید قوانین و چارچوب های مشخصی برای همکاری تدوین شود تا منافع ملی و میراث فرهنگی کشور حفظ شود و یافته های کاوش ها در داخل کشور باقی بماند باستان شناسی در ایران سابقه ای طولانی دارد و از ابتدای دوره قاجار هیات های خارجی برای انجام کاوش های علمی به کشور آمده اند حضور این هیات ها فرصت خوبی برای انتقال دانش و تکنولوژی روز به باستان شناسان ایرانی است اما باید قوانین و چارچوب های مشخصی برای همکاری تدوین شود تا منافع ملی و میراث فرهنگی کشور حفظ شود و یافته های کاوش ها در داخل کشور باقی بماند باستان شناسی در ایران سابقه ای طولانی دارد و از ابتدای دوره قاجار هیات های خارجی برای انجام کاوش های علمی به کشور آمده اند حضور این هیات ها فرصت خوبی برای انتقال دانش و تکنولوژی روز به باستان شناسان ایرانی است اما باید قوانین و
باستان شناسی در ایران سابقه ای طولانی دارد و از ابتدای دوره قاجار هیات های خارجی برای انجام کاوش های علمی به کشور آمده اند حضور این هیات ها فرصت خوبی برای انتقال دانش و تکنولوژی روز به باستان شناسان ایرانی است اما باید قوانین و چارچوب های مشخصی برای همکاری تدوین شود تا منافع ملی و میراث فرهنگی کشور حفظ شود و یافته های کاوش ها در داخل کشور باقی بماند باستان شناسی در ایران سابقه ای طولانی دارد و از ابتدای دوره قاجار هیات های خارجی برای انجام کاوش های علمی به کشور آمده اند حضور این هیات ها فرصت خوبی برای انتقال دانش و تکنولوژی روز به باستان شناسان ایرانی است اما باید قوانین و چارچوب های مشخصی برای همکاری تدوین شود تا منافع ملی و میراث فرهنگی کشور حفظ شود و یافته های کاوش ها در داخل کشور باقی بماند باستان شناسی در ایران سابقه ای طولانی دارد و از ابتدای دوره قاجار هیات های خارجی برای انجام کاوش های علمی به کشور آمده اند حضور این هیات ها فرصت خوبی برای انتقال دانش و تکنولوژی روز به باستان شناسان ایرانی است اما باید قوانین و چارچوب های مشخصی برای همکاری تدوین شود تا منافع ملی و میراث فرهنگی کشور حفظ شود و یافته های کاوش ها در داخل کشور باقی بماند باستان شناسی در ایران سابقه ای طولانی دارد و از ابتدای دوره قاجار هیات های خارجی برای انجام کاوش های علمی به کشور آمده اند حضور این هیات ها فرصت خوبی برای انتقال دانش و تکنولوژی روز به باستان شناسان ایرانی است اما باید قوانین و چارچوب های مشخصی برای همکاری تدوین شود تا منافع ملی و میراث فرهنگی کشور حفظ شود و یافته های کاوش ها در داخل کشور باقی بماند باستان شناسی در ایران سابقه ای طولانی دارد و از ابتدای دوره قاجار هیات های خارجی برای انجام کاوش های علمی به کشور آمده اند حضور این هیات ها فرصت خوبی برای انتقال دانش و تکنولوژی روز به باستان شناسان ایرانی است اما باید قوانین و چارچوب های مشخصی برای همکاری تدوین شود
باستان شناسی در ایران سابقه ای طولانی دارد و از ابتدای دوره قاجار هیات های خارجی برای انجام کاوش های علمی به کشور آمده اند حضور این هیات ها فرصت خوبی برای انتقال دانش و تکنولوژی روز به باستان شناسان ایرانی است اما باید قوانین و چارچوب های مشخصی برای همکاری تدوین شود تا منافع ملی و میراث فرهنگی کشور حفظ شود و یافته های کاوش ها در داخل کشور باقی بماند باستان شناسی در ایران سابقه ای طولانی دارد و از ابتدای دوره قاجار هیات های خارجی برای انجام کاوش های علمی به کشور آمده اند حضور این هیات ها فرصت خوبی برای انتقال دانش و تکنولوژی روز به باستان شناسان ایرانی است اما باید قوانین و چارچوب های مشخصی برای همکاری تدوین شود تا منافع ملی و میراث فرهنگی کشور حفظ شود و یافته های کاوش ها در داخل کشور باقی بماند باستان شناسی در ایران سابقه ای طولانی دارد و از ابتدای دوره قاجار هیات های خارجی برای انجام کاوش های علمی به کشور آمده اند حضور این هیات ها فرصت خوبی برای انتقال دانش و تکنولوژی روز به باستان شناسان ایرانی است اما باید قوانین و چارچوب های مشخصی برای همکاری تدوین شود تا منافع ملی و میراث فرهنگی کشور حفظ شود و یافته های کاوش ها در داخل کشور باقی بماند باستان شناسی در ایران سابقه ای طولانی دارد و از ابتدای دوره قاجار هیات های خارجی برای انجام کاوش های علمی به کشور آمده اند حضور این هیات ها فرصت خوبی برای انتقال دانش و تکنولوژی روز به باستان شناسان ایرانی است اما باید قوانین و چارچوب های مشخصی برای همکاری تدوین شود تا منافع ملی و میراث فرهنگی کشور حفظ شود و یافته های کاوش ها در داخل کشور باقی بماند باستان شناسی در ایران سابقه ای طولانی دارد و از ابتدای دوره قاجار هیات های خارجی برای انجام کاوش های علمی به کشور آمده اند حضور این هیات ها فرصت خوبی برای انتقال دانش و تکنولوژی روز به باستان شناسان ایرانی است اما باید قوانین و چارچوب های مشخصی برای همکاری تدوین شود
باستان شناسی در ایران سابقه ای طولانی دارد و از ابتدای دوره قاجار هیات های خارجی برای انجام کاوش های علمی به کشور آمده اند حضور این هیات ها فرصت خوبی برای انتقال دانش و تکنولوژی روز به باستان شناسان ایرانی است اما باید قوانین و چارچوب های مشخصی برای همکاری تدوین شود تا منافع ملی و میراث فرهنگی کشور حفظ شود و یافته های کاوش ها در داخل کشور باقی بماند باستان شناسی در ایران سابقه ای طولانی دارد و از ابتدای دوره قاجار هیات های خارجی برای انجام کاوش های علمی به کشور آمده اند حضور این هیات ها فرصت خوبی برای انتقال دانش و تکنولوژی روز به باستان شناسان ایرانی است اما باید قوانین و چارچوب های مشخصی برای همکاری تدوین شود تا منافع ملی و میراث فرهنگی کشور حفظ شود و یافته های کاوش ها در داخل کشور باقی بماند باستان شناسی در ایران سابقه ای طولانی دارد و از ابتدای دوره قاجار هیات های خارجی برای انجام کاوش های علمی به کشور آمده اند حضور این هیات ها فرصت خوبی برای انتقال دانش و تکنولوژی روز به باستان شناسان ایرانی است اما باید قوانین و چارچوب های مشخصی برای همکاری تدوین شود تا منافع ملی و میراث فرهنگی کشور حفظ شود و یافته های کاوش ها در داخل کشور باقی بماند باستان شناسی در ایران سابقه ای طولانی دارد و از ابتدای دوره قاجار هیات های خارجی برای انجام کاوش های علمی به کشور آمده اند حضور این هیات ها فرصت خوبی برای انتقال دانش و تکنولوژی روز به باستان شناسان ایرانی است اما باید قوانین و چارچوب های مشخصی برای همکاری تدوین شود تا منافع ملی و میراث فرهنگی کشور حفظ شود و یافته های کاوش ها در داخل کشور باقی بماند باستان شناسی در ایران سابقه ای طولانی دارد و از ابتدای دوره قاجار هیات های خارجی برای انجام کاوش های علمی به کشور آمده اند حضور این هیات ها فرصت خوبی برای انتقال دانش و تکنولوژی روز به باستان شناسان ایرانی است اما باید قوانین و چارچوب های مشخصی برای همکاری تدوین شود
باستان شناسی در ایران سابقه ای طولانی دارد و از ابتدای دوره قاجار هیات های خارجی برای انجام کاوش های علمی به کشور آمده اند حضور این هیات ها فرصت خوبی برای انتقال دانش و تکنولوژی روز به باستان شناسان ایرانی است اما باید قوانین و چارچوب های مشخصی برای همکاری تدوین شود تا منافع ملی و میراث فرهنگی کشور حفظ شود و یافته های کاوش ها در داخل کشور باقی بماند باستان شناسی در ایران سابقه ای طولانی دارد و از ابتدای دوره قاجار هیات های خارجی برای انجام کاوش های علمی به کشور آمده اند حضور این هیات ها فرصت خوبی برای انتقال دانش و تکنولوژی روز به باستان شناسان ایرانی است اما باید قوانین و چارچوب های مشخصی برای همکاری تدوین شود تا منافع ملی و میراث فرهنگی کشور حفظ شود و یافته های کاوش ها در داخل کشور باقی بماند باستان شناسی در ایران سابقه ای طولانی دارد و از ابتدای دوره قاجار هیات های خارجی برای انجام کاوش های علمی به کشور آمده اند حضور این هیات ها فرصت خوبی برای انتقال دانش و تکنولوژی روز به باستان شناسان ایرانی است اما باید قوانین و چارچوب های مشخصی برای همکاری تدوین شود تا منافع ملی و میراث فرهنگی کشور حفظ شود و یافته های کاوش ها در داخل کشور باقی بماند باستان شناسی در ایران سابقه ای طولانی دارد و از ابتدای دوره قاجار هیات های خارجی برای انجام کاوش های علمی به کشور آمده اند حضور این هیات ها فرصت خوبی برای انتقال دانش و تکنولوژی روز به باستان شناسان ایرانی است اما باید قوانین و چارچوب های مشخصی برای همکاری تدوین شود تا منافع ملی و میراث فرهنگی کشور حفظ شود و یافته های کاوش ها در داخل کشور باقی بماند باستان شناسی در ایران سابقه ای طولانی دارد و از ابتدای دوره قاجار هیات های خارجی برای انجام کاوش های علمی به کشور آمده اند حضور این هیات ها فرصت خوبی برای انتقال دانش و تکنولوژی روز به باستان شناسان ایرانی است اما باید قوانین و چارچوب های مشخصی برای همکاری تدوین شود تا منافع ملی و میراث فرهنگی کشور حفظ شود
